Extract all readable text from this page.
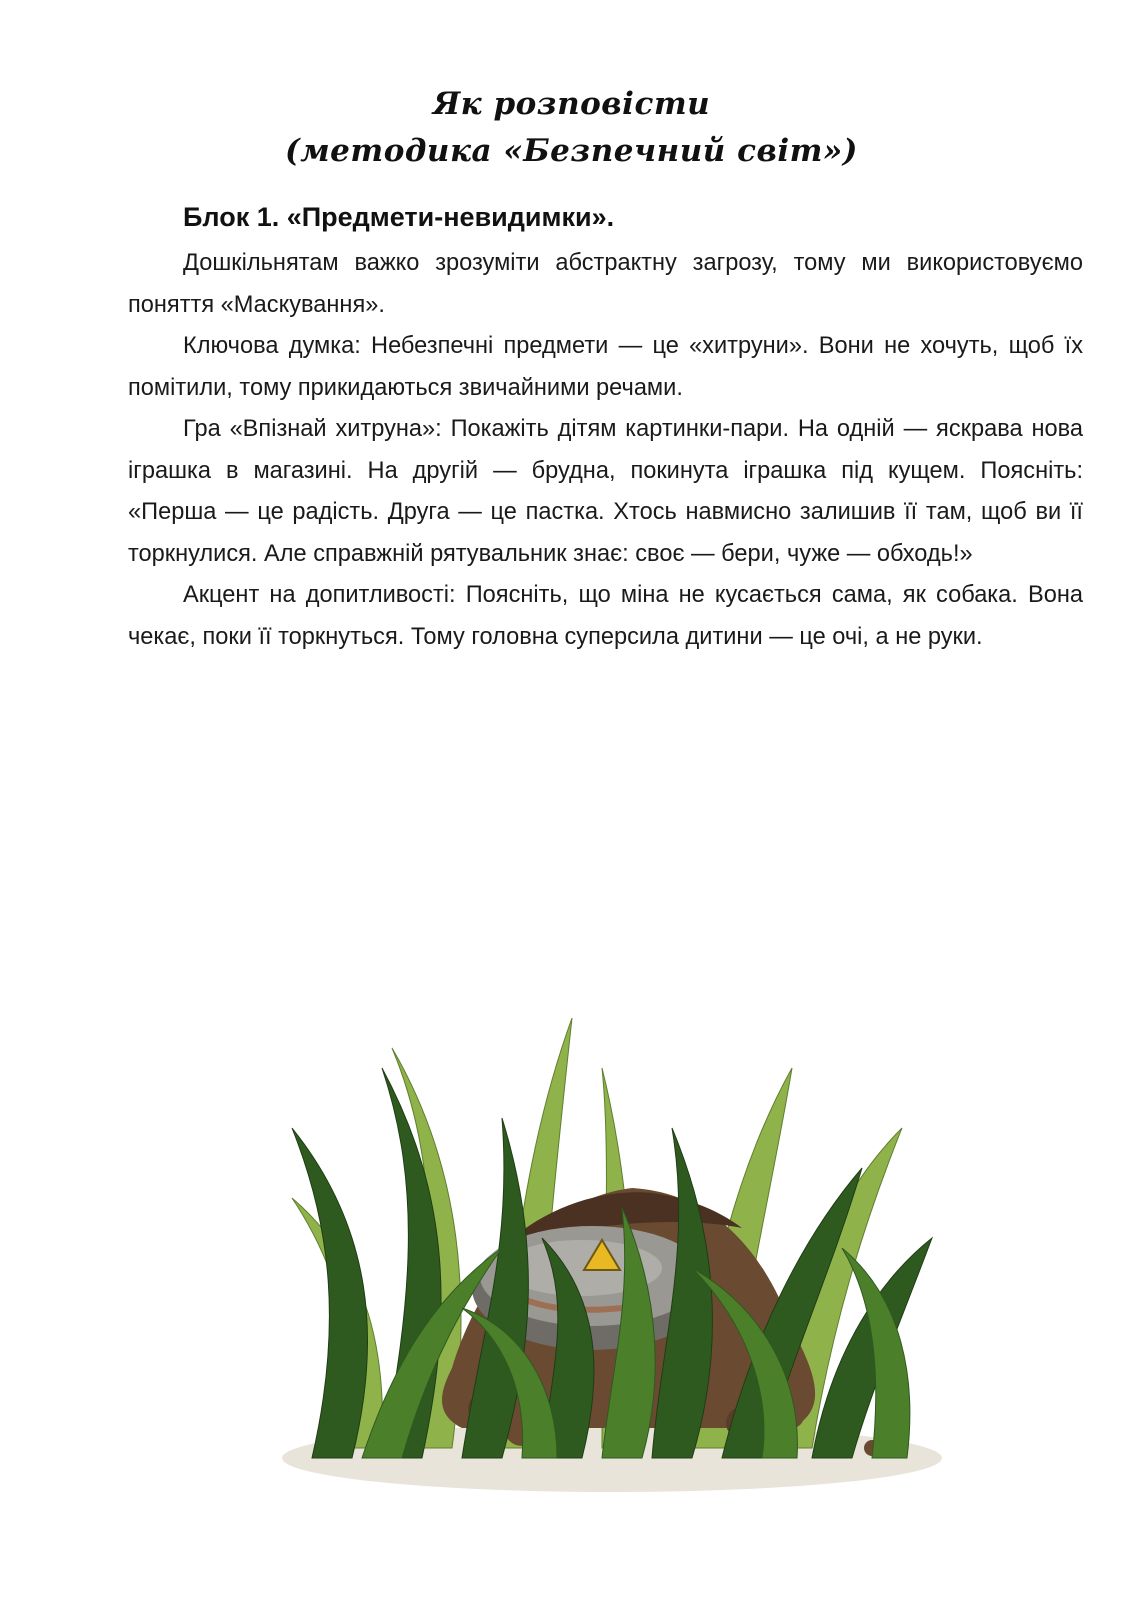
Як розповісти
(методика «Безпечний світ»)
Блок 1. «Предмети-невидимки».

Дошкільнятам важко зрозуміти абстрактну загрозу, тому ми використовуємо поняття «Маскування».

Ключова думка: Небезпечні предмети — це «хитруни». Вони не хочуть, щоб їх помітили, тому прикидаються звичайними речами.

Гра «Впізнай хитруна»: Покажіть дітям картинки-пари. На одній — яскрава нова іграшка в магазині. На другій — брудна, покинута іграшка під кущем. Поясніть: «Перша — це радість. Друга — це пастка. Хтось навмисно залишив її там, щоб ви її торкнулися. Але справжній рятувальник знає: своє — бери, чуже — обходь!»

Акцент на допитливості: Поясніть, що міна не кусається сама, як собака. Вона чекає, поки її торкнуться. Тому головна суперсила дитини — це очі, а не руки.
